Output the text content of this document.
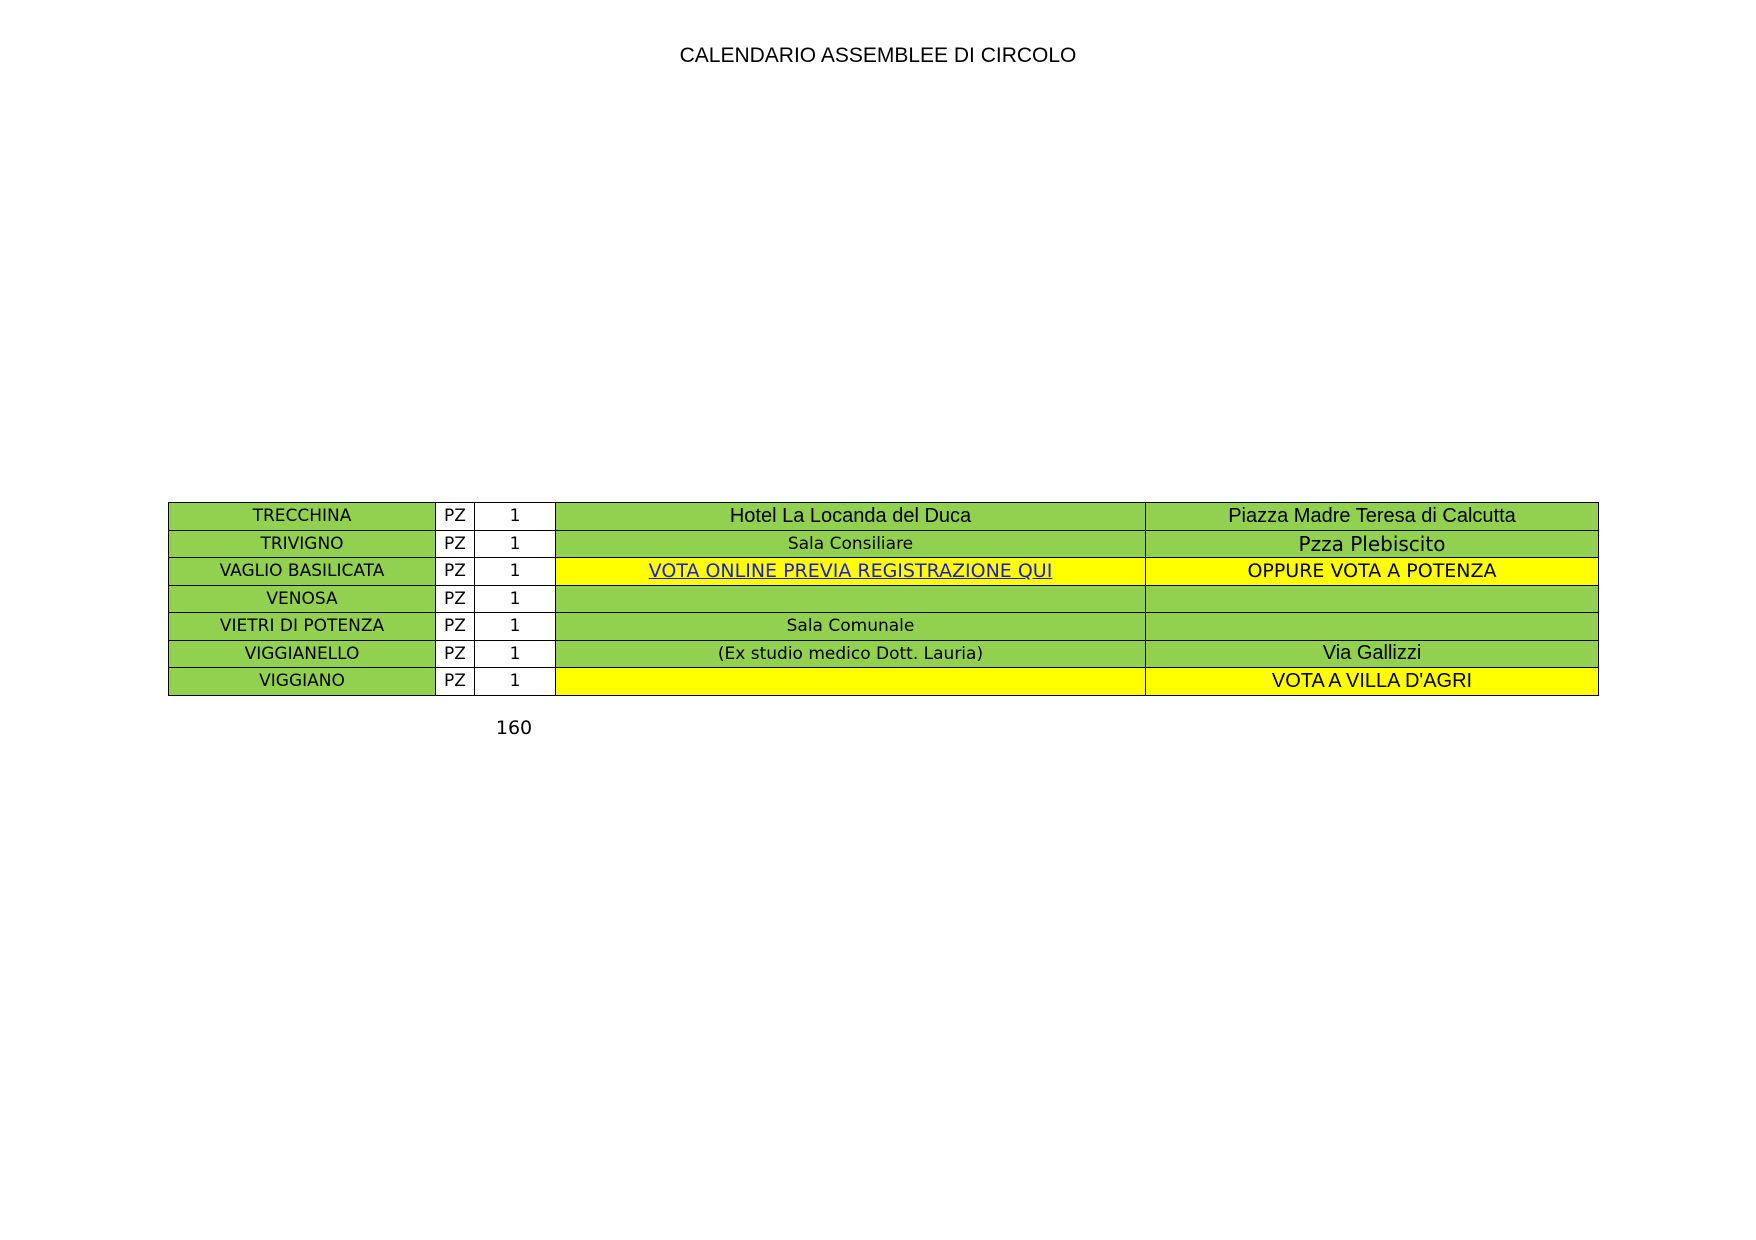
CALENDARIO ASSEMBLEE DI CIRCOLO
TRECCHINA	PZ	1	Hotel La Locanda del Duca	Piazza Madre Teresa di Calcutta
TRIVIGNO	PZ	1	Sala Consiliare	Pzza Plebiscito
VAGLIO BASILICATA	PZ	1	VOTA ONLINE PREVIA REGISTRAZIONE QUI	OPPURE VOTA A POTENZA
VENOSA	PZ	1		
VIETRI DI POTENZA	PZ	1	Sala Comunale	
VIGGIANELLO	PZ	1	(Ex studio medico Dott. Lauria)	Via Gallizzi
VIGGIANO	PZ	1		VOTA A VILLA D'AGRI
160
